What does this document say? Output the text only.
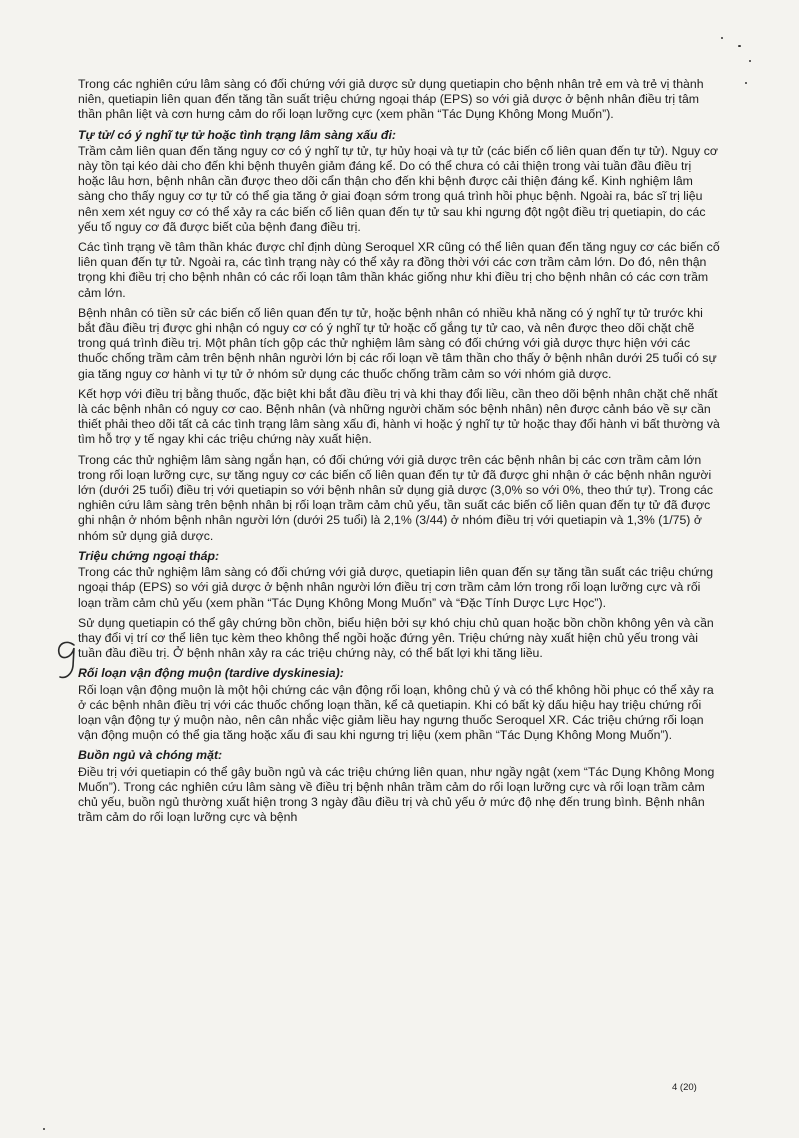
Trong các nghiên cứu lâm sàng có đối chứng với giả dược sử dụng quetiapin cho bệnh nhân trẻ em và trẻ vị thành niên, quetiapin liên quan đến tăng tần suất triệu chứng ngoại tháp (EPS) so với giả dược ở bệnh nhân điều trị tâm thần phân liệt và cơn hưng cảm do rối loạn lưỡng cực (xem phần “Tác Dụng Không Mong Muốn”).

Tự tử/ có ý nghĩ tự tử hoặc tình trạng lâm sàng xấu đi:

Trầm cảm liên quan đến tăng nguy cơ có ý nghĩ tự tử, tự hủy hoại và tự tử (các biến cố liên quan đến tự tử). Nguy cơ này tồn tại kéo dài cho đến khi bệnh thuyên giảm đáng kể. Do có thể chưa có cải thiện trong vài tuần đầu điều trị hoặc lâu hơn, bệnh nhân cần được theo dõi cẩn thận cho đến khi bệnh được cải thiện đáng kể. Kinh nghiệm lâm sàng cho thấy nguy cơ tự tử có thể gia tăng ở giai đoạn sớm trong quá trình hồi phục bệnh. Ngoài ra, bác sĩ trị liệu nên xem xét nguy cơ có thể xảy ra các biến cố liên quan đến tự tử sau khi ngưng đột ngột điều trị quetiapin, do các yếu tố nguy cơ đã được biết của bệnh đang điều trị.

Các tình trạng về tâm thần khác được chỉ định dùng Seroquel XR cũng có thể liên quan đến tăng nguy cơ các biến cố liên quan đến tự tử. Ngoài ra, các tình trạng này có thể xảy ra đồng thời với các cơn trầm cảm lớn. Do đó, nên thận trọng khi điều trị cho bệnh nhân có các rối loạn tâm thần khác giống như khi điều trị cho bệnh nhân có các cơn trầm cảm lớn.

Bệnh nhân có tiền sử các biến cố liên quan đến tự tử, hoặc bệnh nhân có nhiều khả năng có ý nghĩ tự tử trước khi bắt đầu điều trị được ghi nhận có nguy cơ có ý nghĩ tự tử hoặc cố gắng tự tử cao, và nên được theo dõi chặt chẽ trong quá trình điều trị. Một phân tích gộp các thử nghiệm lâm sàng có đối chứng với giả dược thực hiện với các thuốc chống trầm cảm trên bệnh nhân người lớn bị các rối loạn về tâm thần cho thấy ở bệnh nhân dưới 25 tuổi có sự gia tăng nguy cơ hành vi tự tử ở nhóm sử dụng các thuốc chống trầm cảm so với nhóm giả dược.

Kết hợp với điều trị bằng thuốc, đặc biệt khi bắt đầu điều trị và khi thay đổi liều, cần theo dõi bệnh nhân chặt chẽ nhất là các bệnh nhân có nguy cơ cao. Bệnh nhân (và những người chăm sóc bệnh nhân) nên được cảnh báo về sự cần thiết phải theo dõi tất cả các tình trạng lâm sàng xấu đi, hành vi hoặc ý nghĩ tự tử hoặc thay đổi hành vi bất thường và tìm hỗ trợ y tế ngay khi các triệu chứng này xuất hiện.

Trong các thử nghiệm lâm sàng ngắn hạn, có đối chứng với giả dược trên các bệnh nhân bị các cơn trầm cảm lớn trong rối loạn lưỡng cực, sự tăng nguy cơ các biến cố liên quan đến tự tử đã được ghi nhận ở các bệnh nhân người lớn (dưới 25 tuổi) điều trị với quetiapin so với bệnh nhân sử dụng giả dược (3,0% so với 0%, theo thứ tự). Trong các nghiên cứu lâm sàng trên bệnh nhân bị rối loạn trầm cảm chủ yếu, tần suất các biến cố liên quan đến tự tử đã được ghi nhận ở nhóm bệnh nhân người lớn (dưới 25 tuổi) là 2,1% (3/44) ở nhóm điều trị với quetiapin và 1,3% (1/75) ở nhóm sử dụng giả dược.

Triệu chứng ngoại tháp:

Trong các thử nghiệm lâm sàng có đối chứng với giả dược, quetiapin liên quan đến sự tăng tần suất các triệu chứng ngoại tháp (EPS) so với giả dược ở bệnh nhân người lớn điều trị cơn trầm cảm lớn trong rối loạn lưỡng cực và rối loạn trầm cảm chủ yếu (xem phần “Tác Dụng Không Mong Muốn” và “Đặc Tính Dược Lực Học”).

Sử dụng quetiapin có thể gây chứng bồn chồn, biểu hiện bởi sự khó chịu chủ quan hoặc bồn chồn không yên và cần thay đổi vị trí cơ thể liên tục kèm theo không thể ngồi hoặc đứng yên. Triệu chứng này xuất hiện chủ yếu trong vài tuần đầu điều trị. Ở bệnh nhân xảy ra các triệu chứng này, có thể bất lợi khi tăng liều.

Rối loạn vận động muộn (tardive dyskinesia):

Rối loạn vận động muộn là một hội chứng các vận động rối loạn, không chủ ý và có thể không hồi phục có thể xảy ra ở các bệnh nhân điều trị với các thuốc chống loạn thần, kể cả quetiapin. Khi có bất kỳ dấu hiệu hay triệu chứng rối loạn vận động tự ý muộn nào, nên cân nhắc việc giảm liều hay ngưng thuốc Seroquel XR. Các triệu chứng rối loạn vận động muộn có thể gia tăng hoặc xấu đi sau khi ngưng trị liệu (xem phần “Tác Dụng Không Mong Muốn”).

Buồn ngủ và chóng mặt:

Điều trị với quetiapin có thể gây buồn ngủ và các triệu chứng liên quan, như ngầy ngật (xem “Tác Dụng Không Mong Muốn”). Trong các nghiên cứu lâm sàng về điều trị bệnh nhân trầm cảm do rối loạn lưỡng cực và rối loạn trầm cảm chủ yếu, buồn ngủ thường xuất hiện trong 3 ngày đầu điều trị và chủ yếu ở mức độ nhẹ đến trung bình. Bệnh nhân trầm cảm do rối loạn lưỡng cực và bệnh

4 (20)
